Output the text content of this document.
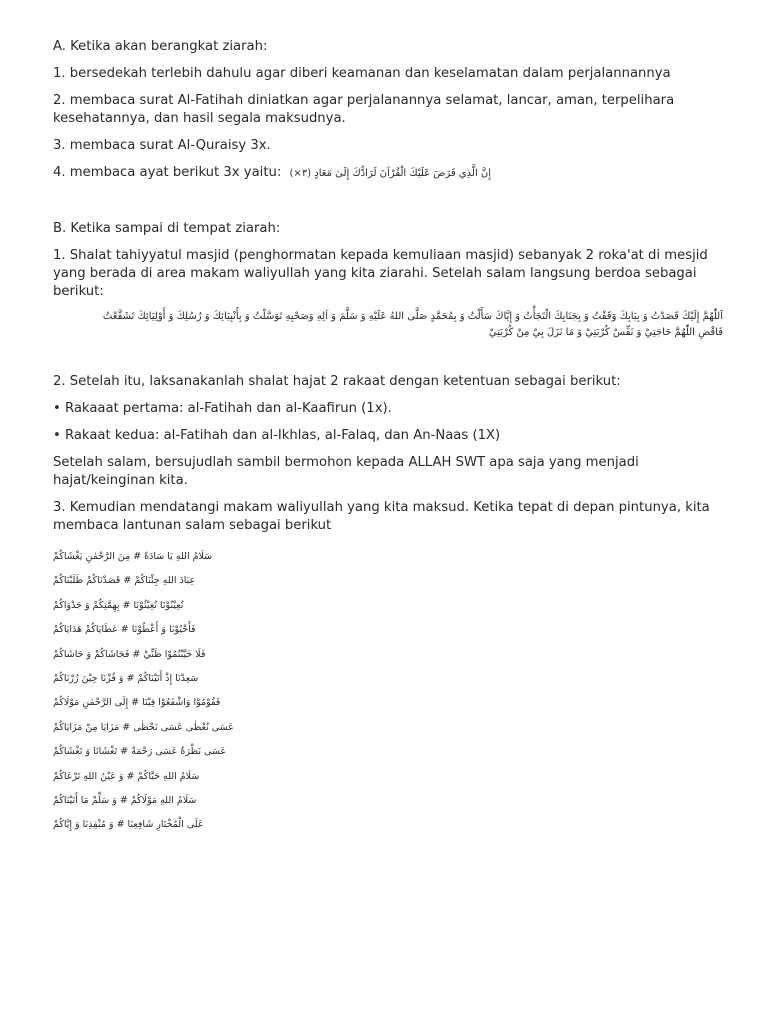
A. Ketika akan berangkat ziarah:

1. bersedekah terlebih dahulu agar diberi keamanan dan keselamatan dalam perjalannannya

2. membaca surat Al-Fatihah diniatkan agar perjalanannya selamat, lancar, aman, terpelihara kesehatannya, dan hasil segala maksudnya.

3. membaca surat Al-Quraisy 3x.

4. membaca ayat berikut 3x yaitu: إِنَّ الَّذِي فَرَضَ عَلَيْكَ الْقُرْآنَ لَرَادُّكَ إِلَىٰ مَعَادٍ (٣×)

B. Ketika sampai di tempat ziarah:

1. Shalat tahiyyatul masjid (penghormatan kepada kemuliaan masjid) sebanyak 2 roka'at di mesjid yang berada di area makam waliyullah yang kita ziarahi. Setelah salam langsung berdoa sebagai berikut:

اَللّٰهُمَّ إِلَيْكَ قَصَدْتُ وَ بِبَابِكَ وَقَفْتُ وَ بِجَنَابِكَ الْتَجَأْتُ وَ إِيَّاكَ سَأَلْتُ وَ بِمُحَمَّدٍ صَلَّى اللهُ عَلَيْهِ وَ سَلَّمَ وَ آلِهِ وَصَحْبِهِ تَوَسَّلْتُ وَ بِأَنْبِيَائِكَ وَ رُسُلِكَ وَ أَوْلِيَائِكَ تَشَفَّعْتُ
فَاقْضِ اللّٰهُمَّ حَاجَتِيْ وَ نَفِّسْ كُرْبَتِيْ وَ مَا نَزَلَ بِيْ مِنْ كُرْبَتِيْ

2. Setelah itu, laksanakanlah shalat hajat 2 rakaat dengan ketentuan sebagai berikut:

• Rakaaat pertama: al-Fatihah dan al-Kaafirun (1x).

• Rakaat kedua: al-Fatihah dan al-Ikhlas, al-Falaq, dan An-Naas (1X)

Setelah salam, bersujudlah sambil bermohon kepada ALLAH SWT apa saja yang menjadi hajat/keinginan kita.

3. Kemudian mendatangi makam waliyullah yang kita maksud. Ketika tepat di depan pintunya, kita membaca lantunan salam sebagai berikut

سَلَامُ اللهِ يَا سَادَةً # مِنَ الرَّحْمٰنِ يَغْشَاكُمْ
عِبَادَ اللهِ جِئْنَاكُمْ # قَصَدْنَاكُمْ طَلَبْنَاكُمْ
تُعِيْنُوْنَا تُغِيْثُوْنَا # بِهِمَّتِكُمْ وَ جَدْوَاكُمْ
فَأَحْيُوْنَا وَ أَعْطُوْنَا # عَطَايَاكُمْ هَدَايَاكُمْ
فَلَا خَيَّبْتُمُوْا ظَنِّيْ # فَحَاشَاكُمْ وَ حَاشَاكُمْ
سَعِدْنَا إِذْ أَتَيْنَاكُمْ # وَ فُزْنَا حِيْنَ زُرْنَاكُمْ
فَقُوْمُوْا وَاشْفَعُوْا فِيْنَا # إِلَى الرَّحْمٰنِ مَوْلَاكُمْ
عَسَى نُعْطٰى عَسَى نَحْظٰى # مَزَايَا مِنْ مَزَايَاكُمْ
عَسَى نَظْرَةٌ عَسَى رَحْمَةٌ # تَغْشَانَا وَ تَغْشَاكُمْ
سَلَامُ اللهِ حَيَّاكُمْ # وَ عَيْنُ اللهِ تَرْعَاكُمْ
سَلَامُ اللهِ مَوْلَاكُمْ # وَ سَلِّمْ مَا أَتَيْنَاكُمْ
عَلَى الْمُخْتَارِ شَافِعِنَا # وَ مُنْقِذِنَا وَ إِيَّاكُمْ
